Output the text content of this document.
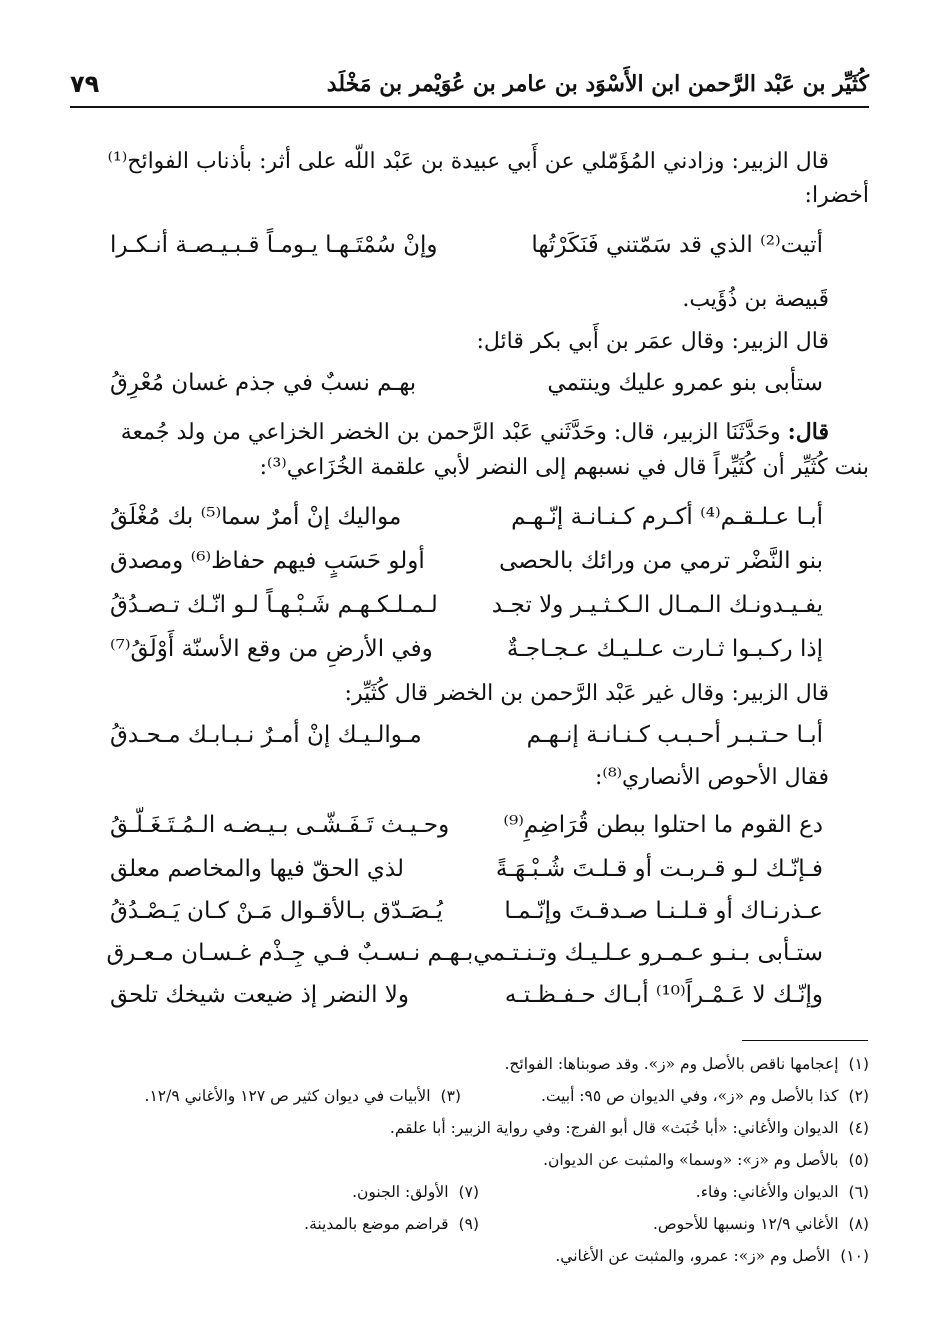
كُثَيِّر بن عَبْد الرَّحمن ابن الأَسْوَد بن عامر بن عُوَيْمر بن مَخْلَد
٧٩
قال الزبير: وزادني المُؤَمّلي عن أَبي عبيدة بن عَبْد اللّه على أثر: بأذناب الفوائح⁽¹⁾
أخضرا:
أتيت⁽²⁾ الذي قد سَمّتني فَنَكَرْتُها
وإنْ سُمْتَـهـا يـومـاً قـبـيـصـة أنـكـرا
قَبيصة بن ذُؤَيب.
قال الزبير: وقال عمَر بن أَبي بكر قائل:
ستأبى بنو عمرو عليك وينتمي
بهـم نسبٌ في جذم غسان مُعْرِقُ
قال: وحَدَّثَنَا الزبير، قال: وحَدَّثَني عَبْد الرَّحمن بن الخضر الخزاعي من ولد جُمعة
بنت كُثَيِّر أن كُثَيِّراً قال في نسبهم إلى النضر لأبي علقمة الخُزَاعي⁽³⁾:
أبـا عـلـقـم⁽⁴⁾ أكـرم كـنـانـة إنّـهـم
مواليك إنْ أمرٌ سما⁽⁵⁾ بك مُغْلَقُ
بنو النَّضْر ترمي من ورائك بالحصى
أولو حَسَبٍ فيهم حفاظ⁽⁶⁾ ومصدق
يفـيـدونـك الـمـال الـكـثـيـر ولا تجـد
لـمـلـكـهـم شَـبْـهـاً لـو انّـك تـصـدُقُ
إذا ركـبـوا ثـارت عـلـيـك عـجـاجـةٌ
وفي الأرضِ من وقع الأسنّة أَوْلَقُ⁽⁷⁾
قال الزبير: وقال غير عَبْد الرَّحمن بن الخضر قال كُثَيِّر:
أبـا حـتـبـر أحـبـب كـنـانـة إنـهـم
مـوالـيـك إنْ أمـرٌ نـبـابـك مـحـدقُ
فقال الأحوص الأنصاري⁽⁸⁾:
دع القوم ما احتلوا ببطن قُرَاضِمِ⁽⁹⁾
وحـيـث تَـفَـشّـى بـيـضـه الـمُـتَـغَـلّـقُ
فـإنّـك لـو قـربـت أو قـلـتَ شُـبْـهَـةً
لذي الحقّ فيها والمخاصم معلق
عـذرنـاك أو قـلـنـا صـدقـتَ وإنّـمـا
يُـصَـدّق بـالأقـوال مَـنْ كـان يَـصْـدُقُ
ستـأبى بـنـو عـمـرو عـلـيـك وتـنـتـمي
بـهـم نـسـبٌ فـي جِـذْم غـسـان مـعـرق
وإنّـك لا عَـمْـراً⁽¹⁰⁾ أبـاك حـفـظـتـه
ولا النضر إذ ضيعت شيخك تلحق
(١)إعجامها ناقص بالأصل وم «ز». وقد صوبناها: الفوائح.
(٢)كذا بالأصل وم «ز»، وفي الديوان ص ٩٥: أبيت.
(٣)الأبيات في ديوان كثير ص ١٢٧ والأغاني ١٢/٩.
(٤)الديوان والأغاني: «أبا خُبَث» قال أبو الفرج: وفي رواية الزبير: أبا علقم.
(٥)بالأصل وم «ز»: «وسما» والمثبت عن الديوان.
(٦)الديوان والأغاني: وفاء.
(٧)الأولق: الجنون.
(٨)الأغاني ١٢/٩ ونسبها للأحوص.
(٩)قراضم موضع بالمدينة.
(١٠)الأصل وم «ز»: عمرو، والمثبت عن الأغاني.
